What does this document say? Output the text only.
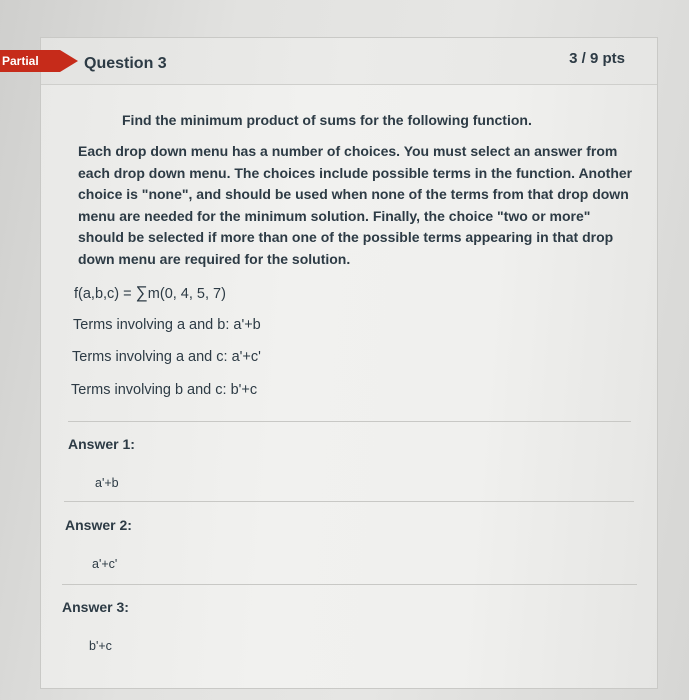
Question 3	3 / 9 pts
Find the minimum product of sums for the following function.
Each drop down menu has a number of choices. You must select an answer from each drop down menu. The choices include possible terms in the function. Another choice is "none", and should be used when none of the terms from that drop down menu are needed for the minimum solution. Finally, the choice "two or more" should be selected if more than one of the possible terms appearing in that drop down menu are required for the solution.
f(a,b,c) = ∑m(0, 4, 5, 7)
Terms involving a and b: a'+b
Terms involving a and c: a'+c'
Terms involving b and c: b'+c
Answer 1:
a'+b
Answer 2:
a'+c'
Answer 3:
b'+c
Partial
